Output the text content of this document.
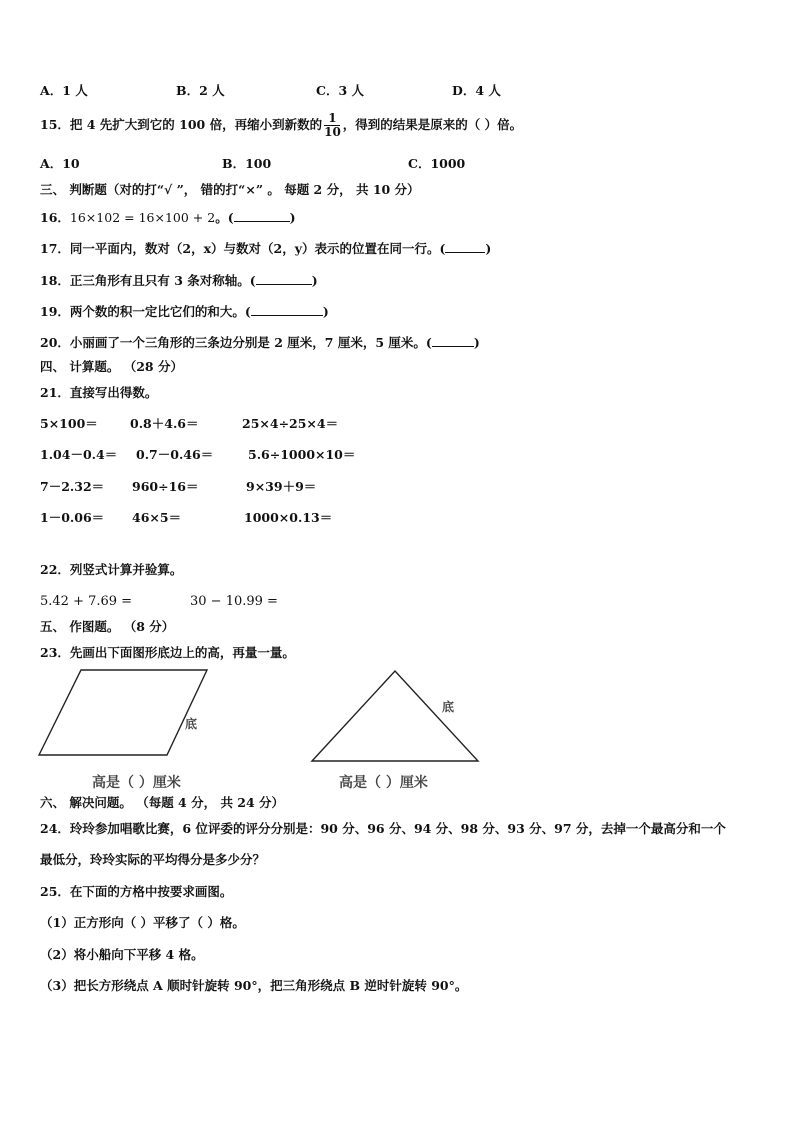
A．1 人	B．2 人	C．3 人	D．4 人
15．把 4 先扩大到它的 100 倍，再缩小到新数的 $\frac{1}{10}$ ，得到的结果是原来的（ ）倍。
A．10	B．100	C．1000
三、 判断题（对的打“√ ”， 错的打“×” 。 每题 2 分， 共 10 分）
16．16×102 = 16×100 + 2。(	)
17．同一平面内，数对（2，x）与数对（2，y）表示的位置在同一行。(	)
18．正三角形有且只有 3 条对称轴。(	)
19．两个数的积一定比它们的和大。(	)
20．小丽画了一个三角形的三条边分别是 2 厘米，7 厘米，5 厘米。(	)
四、 计算题。 （28 分）
21．直接写出得数。
5×100＝	0.8＋4.6＝	25×4÷25×4＝
1.04－0.4＝ 0.7－0.46＝	5.6÷1000×10＝
7－2.32＝ 960÷16＝	9×39＋9＝
1－0.06＝ 46×5＝	1000×0.13＝
22．列竖式计算并验算。
5.42 + 7.69 =	30 − 10.99 =
五、 作图题。 （8 分）
23．先画出下面图形底边上的高，再量一量。
底
底
高是（ ）厘米	高是（ ）厘米
六、 解决问题。 （每题 4 分， 共 24 分）
24．玲玲参加唱歌比赛，6 位评委的评分分别是：90 分、96 分、94 分、98 分、93 分、97 分，去掉一个最高分和一个
最低分，玲玲实际的平均得分是多少分？
25．在下面的方格中按要求画图。
（1）正方形向（ ）平移了（ ）格。
（2）将小船向下平移 4 格。
（3）把长方形绕点 A 顺时针旋转 90°，把三角形绕点 B 逆时针旋转 90°。
